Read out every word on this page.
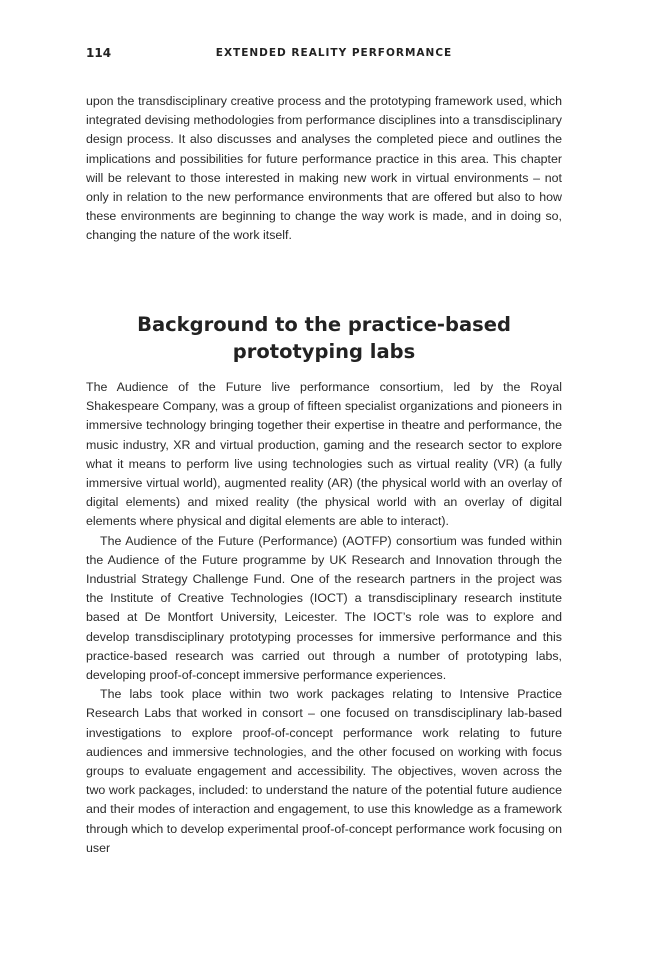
114	EXTENDED REALITY PERFORMANCE

upon the transdisciplinary creative process and the prototyping framework used, which integrated devising methodologies from performance disciplines into a transdisciplinary design process. It also discusses and analyses the completed piece and outlines the implications and possibilities for future performance practice in this area. This chapter will be relevant to those interested in making new work in virtual environments – not only in relation to the new performance environments that are offered but also to how these environments are beginning to change the way work is made, and in doing so, changing the nature of the work itself.

Background to the practice-based prototyping labs

The Audience of the Future live performance consortium, led by the Royal Shakespeare Company, was a group of fifteen specialist organizations and pioneers in immersive technology bringing together their expertise in theatre and performance, the music industry, XR and virtual production, gaming and the research sector to explore what it means to perform live using technologies such as virtual reality (VR) (a fully immersive virtual world), augmented reality (AR) (the physical world with an overlay of digital elements) and mixed reality (the physical world with an overlay of digital elements where physical and digital elements are able to interact).

The Audience of the Future (Performance) (AOTFP) consortium was funded within the Audience of the Future programme by UK Research and Innovation through the Industrial Strategy Challenge Fund. One of the research partners in the project was the Institute of Creative Technologies (IOCT) a transdisciplinary research institute based at De Montfort University, Leicester. The IOCT’s role was to explore and develop transdisciplinary prototyping processes for immersive performance and this practice-based research was carried out through a number of prototyping labs, developing proof-of-concept immersive performance experiences.

The labs took place within two work packages relating to Intensive Practice Research Labs that worked in consort – one focused on transdisciplinary lab-based investigations to explore proof-of-concept performance work relating to future audiences and immersive technologies, and the other focused on working with focus groups to evaluate engagement and accessibility. The objectives, woven across the two work packages, included: to understand the nature of the potential future audience and their modes of interaction and engagement, to use this knowledge as a framework through which to develop experimental proof-of-concept performance work focusing on user
